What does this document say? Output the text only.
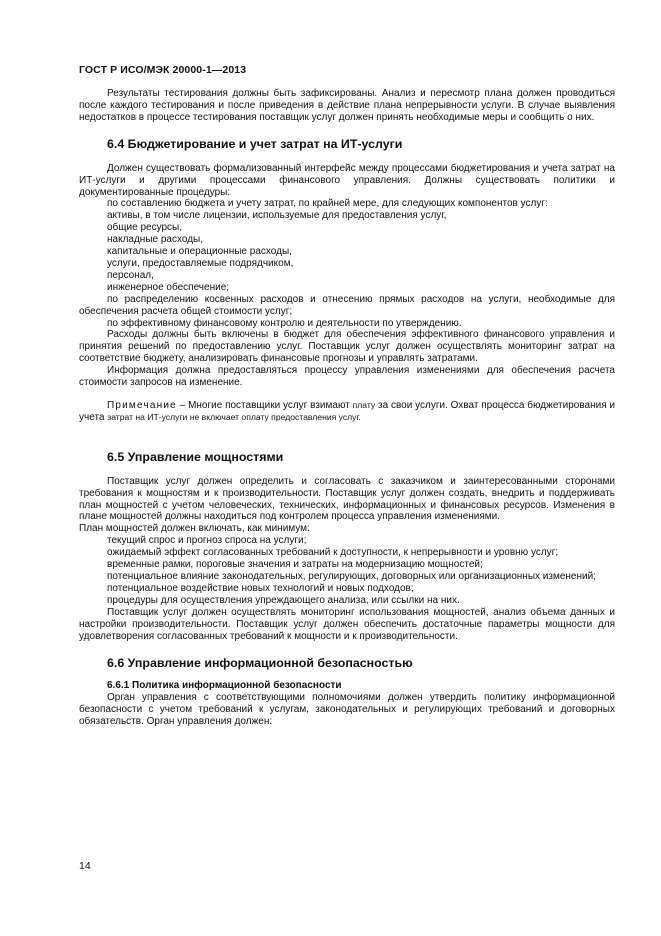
ГОСТ Р ИСО/МЭК 20000-1—2013

Результаты тестирования должны быть зафиксированы. Анализ и пересмотр плана должен проводиться после каждого тестирования и после приведения в действие плана непрерывности услуги. В случае выявления недостатков в процессе тестирования поставщик услуг должен принять необходимые меры и сообщить о них.

6.4 Бюджетирование и учет затрат на ИТ-услуги

Должен существовать формализованный интерфейс между процессами бюджетирования и учета затрат на ИТ-услуги и другими процессами финансового управления. Должны существовать политики и документированные процедуры:

по составлению бюджета и учету затрат, по крайней мере, для следующих компонентов услуг:

активы, в том числе лицензии, используемые для предоставления услуг,

общие ресурсы,

накладные расходы,

капитальные и операционные расходы,

услуги, предоставляемые подрядчиком,

персонал,

инженерное обеспечение;

по распределению косвенных расходов и отнесению прямых расходов на услуги, необходимые для обеспечения расчета общей стоимости услуг;

по эффективному финансовому контролю и деятельности по утверждению.

Расходы должны быть включены в бюджет для обеспечения эффективного финансового управления и принятия решений по предоставлению услуг. Поставщик услуг должен осуществлять мониторинг затрат на соответствие бюджету, анализировать финансовые прогнозы и управлять затратами.

Информация должна предоставляться процессу управления изменениями для обеспечения расчета стоимости запросов на изменение.

Примечание – Многие поставщики услуг взимают плату за свои услуги. Охват процесса бюджетирования и учета затрат на ИТ-услуги не включает оплату предоставления услуг.

6.5 Управление мощностями

Поставщик услуг должен определить и согласовать с заказчиком и заинтересованными сторонами требования к мощностям и к производительности. Поставщик услуг должен создать, внедрить и поддерживать план мощностей с учетом человеческих, технических, информационных и финансовых ресурсов. Изменения в плане мощностей должны находиться под контролем процесса управления изменениями.

План мощностей должен включать, как минимум:

текущий спрос и прогноз спроса на услуги;

ожидаемый эффект согласованных требований к доступности, к непрерывности и уровню услуг;

временные рамки, пороговые значения и затраты на модернизацию мощностей;

потенциальное влияние законодательных, регулирующих, договорных или организационных изменений;

потенциальное воздействие новых технологий и новых подходов;

процедуры для осуществления упреждающего анализа, или ссылки на них.

Поставщик услуг должен осуществлять мониторинг использования мощностей, анализ объема данных и настройки производительности. Поставщик услуг должен обеспечить достаточные параметры мощности для удовлетворения согласованных требований к мощности и к производительности.

6.6 Управление информационной безопасностью
6.6.1 Политика информационной безопасности

Орган управления с соответствующими полномочиями должен утвердить политику информационной безопасности с учетом требований к услугам, законодательных и регулирующих требований и договорных обязательств. Орган управления должен:

14
